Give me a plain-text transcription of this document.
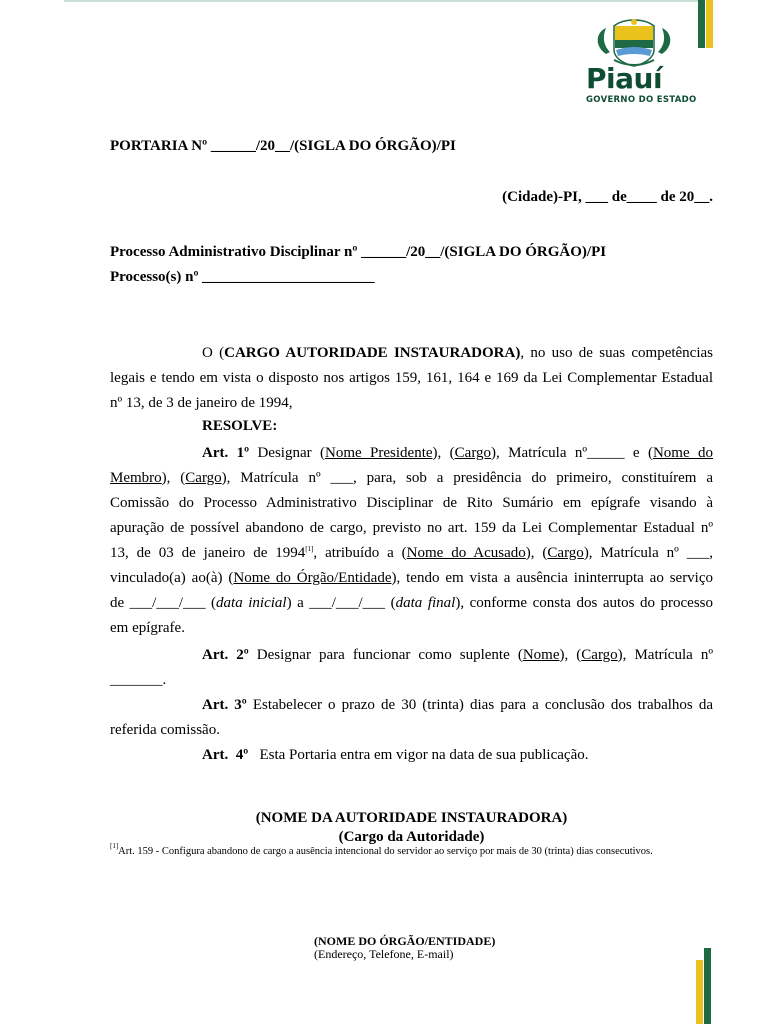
Piauí
GOVERNO DO ESTADO
PORTARIA Nº ______/20__/(SIGLA DO ÓRGÃO)/PI
(Cidade)-PI, ___ de____ de 20__.
Processo Administrativo Disciplinar nº ______/20__/(SIGLA DO ÓRGÃO)/PI
Processo(s) nº _______________________
O (CARGO AUTORIDADE INSTAURADORA), no uso de suas competências
legais e tendo em vista o disposto nos artigos 159, 161, 164 e 169 da Lei Complementar Estadual
nº 13, de 3 de janeiro de 1994,
RESOLVE:
Art. 1º Designar (Nome Presidente), (Cargo), Matrícula nº_____ e (Nome do
Membro), (Cargo), Matrícula nº ___, para, sob a presidência do primeiro, constituírem a
Comissão do Processo Administrativo Disciplinar de Rito Sumário em epígrafe visando à
apuração de possível abandono de cargo, previsto no art. 159 da Lei Complementar Estadual nº
13, de 03 de janeiro de 1994[1], atribuído a (Nome do Acusado), (Cargo), Matrícula nº ___,
vinculado(a) ao(à) (Nome do Órgão/Entidade), tendo em vista a ausência ininterrupta ao serviço
de ___/___/___ (data inicial) a ___/___/___ (data final), conforme consta dos autos do processo
em epígrafe.
Art. 2º Designar para funcionar como suplente (Nome), (Cargo), Matrícula nº
_______.
Art. 3º Estabelecer o prazo de 30 (trinta) dias para a conclusão dos trabalhos da
referida comissão.
Art.  4º   Esta Portaria entra em vigor na data de sua publicação.
(NOME DA AUTORIDADE INSTAURADORA)
(Cargo da Autoridade)
[1]Art. 159 - Configura abandono de cargo a ausência intencional do servidor ao serviço por mais de 30 (trinta) dias consecutivos.
(NOME DO ÓRGÃO/ENTIDADE)
(Endereço, Telefone, E-mail)
